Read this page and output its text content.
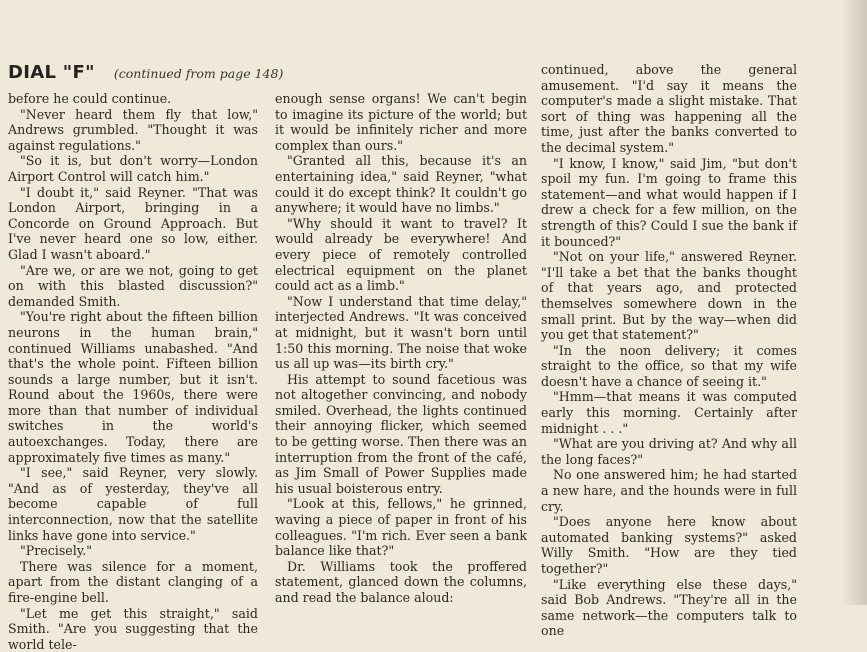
DIAL "F" (continued from page 148)

before he could continue.

"Never heard them fly that low," Andrews grumbled. "Thought it was against regulations."

"So it is, but don't worry—London Airport Control will catch him."

"I doubt it," said Reyner. "That was London Airport, bringing in a Concorde on Ground Approach. But I've never heard one so low, either. Glad I wasn't aboard."

"Are we, or are we not, going to get on with this blasted discussion?" demanded Smith.

"You're right about the fifteen billion neurons in the human brain," continued Williams unabashed. "And that's the whole point. Fifteen billion sounds a large number, but it isn't. Round about the 1960s, there were more than that number of individual switches in the world's autoexchanges. Today, there are approximately five times as many."

"I see," said Reyner, very slowly. "And as of yesterday, they've all become capable of full interconnection, now that the satellite links have gone into service."

"Precisely."

There was silence for a moment, apart from the distant clanging of a fire-engine bell.

"Let me get this straight," said Smith. "Are you suggesting that the world tele-

enough sense organs! We can't begin to imagine its picture of the world; but it would be infinitely richer and more complex than ours."

"Granted all this, because it's an entertaining idea," said Reyner, "what could it do except think? It couldn't go anywhere; it would have no limbs."

"Why should it want to travel? It would already be everywhere! And every piece of remotely controlled electrical equipment on the planet could act as a limb."

"Now I understand that time delay," interjected Andrews. "It was conceived at midnight, but it wasn't born until 1:50 this morning. The noise that woke us all up was—its birth cry."

His attempt to sound facetious was not altogether convincing, and nobody smiled. Overhead, the lights continued their annoying flicker, which seemed to be getting worse. Then there was an interruption from the front of the café, as Jim Small of Power Supplies made his usual boisterous entry.

"Look at this, fellows," he grinned, waving a piece of paper in front of his colleagues. "I'm rich. Ever seen a bank balance like that?"

Dr. Williams took the proffered statement, glanced down the columns, and read the balance aloud:

continued, above the general amusement. "I'd say it means the computer's made a slight mistake. That sort of thing was happening all the time, just after the banks converted to the decimal system."

"I know, I know," said Jim, "but don't spoil my fun. I'm going to frame this statement—and what would happen if I drew a check for a few million, on the strength of this? Could I sue the bank if it bounced?"

"Not on your life," answered Reyner. "I'll take a bet that the banks thought of that years ago, and protected themselves somewhere down in the small print. But by the way—when did you get that statement?"

"In the noon delivery; it comes straight to the office, so that my wife doesn't have a chance of seeing it."

"Hmm—that means it was computed early this morning. Certainly after midnight . . ."

"What are you driving at? And why all the long faces?"

No one answered him; he had started a new hare, and the hounds were in full cry.

"Does anyone here know about automated banking systems?" asked Willy Smith. "How are they tied together?"

"Like everything else these days," said Bob Andrews. "They're all in the same network—the computers talk to one
